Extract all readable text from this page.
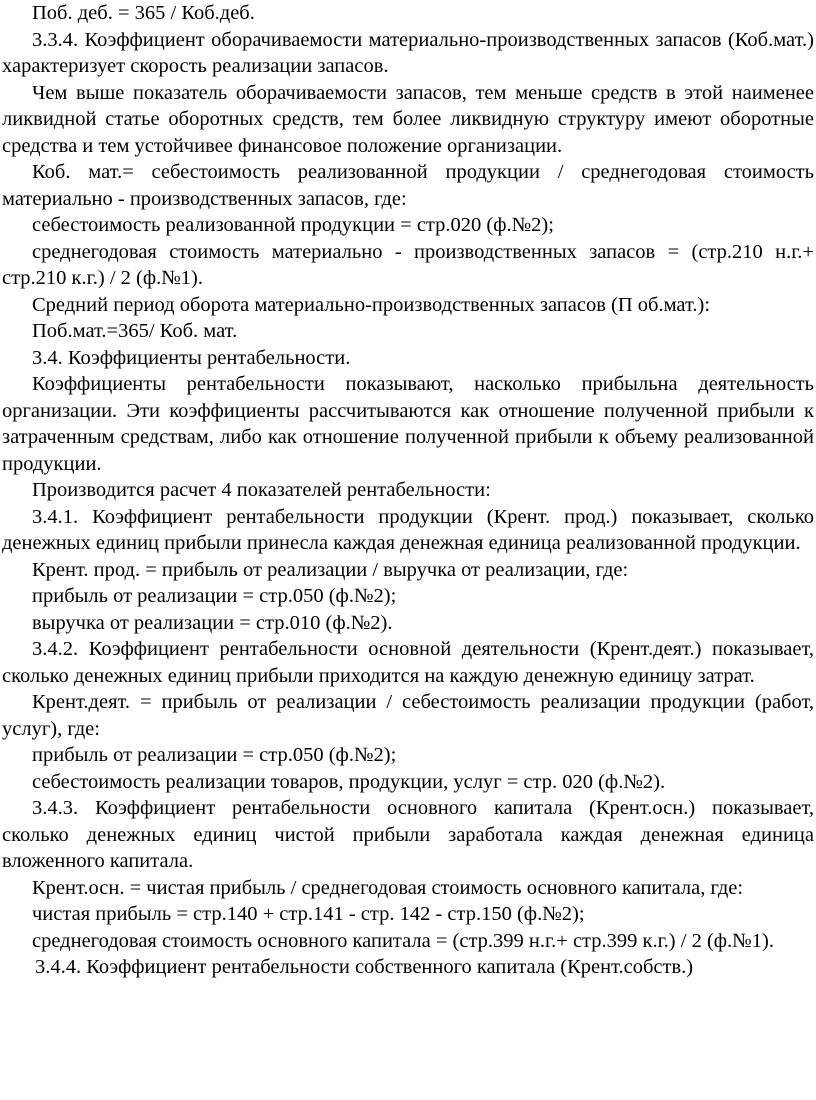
Поб. деб. = 365 / Коб.деб.

3.3.4. Коэффициент оборачиваемости материально-производственных запасов (Коб.мат.) характеризует скорость реализации запасов.

Чем выше показатель оборачиваемости запасов, тем меньше средств в этой наименее ликвидной статье оборотных средств, тем более ликвидную структуру имеют оборотные средства и тем устойчивее финансовое положение организации.

Коб. мат.= себестоимость реализованной продукции / среднегодовая стоимость материально - производственных запасов, где:

себестоимость реализованной продукции = стр.020 (ф.№2);

среднегодовая стоимость материально - производственных запасов = (стр.210 н.г.+ стр.210 к.г.) / 2 (ф.№1).

Средний период оборота материально-производственных запасов (П об.мат.):

Поб.мат.=365/ Коб. мат.

3.4. Коэффициенты рентабельности.

Коэффициенты рентабельности показывают, насколько прибыльна деятельность организации. Эти коэффициенты рассчитываются как отношение полученной прибыли к затраченным средствам, либо как отношение полученной прибыли к объему реализованной продукции.

Производится расчет 4 показателей рентабельности:

3.4.1. Коэффициент рентабельности продукции (Крент. прод.) показывает, сколько денежных единиц прибыли принесла каждая денежная единица реализованной продукции.

Крент. прод. = прибыль от реализации / выручка от реализации, где:

прибыль от реализации = стр.050 (ф.№2);

выручка от реализации = стр.010 (ф.№2).

3.4.2. Коэффициент рентабельности основной деятельности (Крент.деят.) показывает, сколько денежных единиц прибыли приходится на каждую денежную единицу затрат.

Крент.деят. = прибыль от реализации / себестоимость реализации продукции (работ, услуг), где:

прибыль от реализации = стр.050 (ф.№2);

себестоимость реализации товаров, продукции, услуг = стр. 020 (ф.№2).

3.4.3. Коэффициент рентабельности основного капитала (Крент.осн.) показывает, сколько денежных единиц чистой прибыли заработала каждая денежная единица вложенного капитала.

Крент.осн. = чистая прибыль / среднегодовая стоимость основного капитала, где:

чистая прибыль = стр.140 + стр.141 - стр. 142 - стр.150 (ф.№2);

среднегодовая стоимость основного капитала = (стр.399 н.г.+ стр.399 к.г.) / 2 (ф.№1).

3.4.4. Коэффициент рентабельности собственного капитала (Крент.собств.)
